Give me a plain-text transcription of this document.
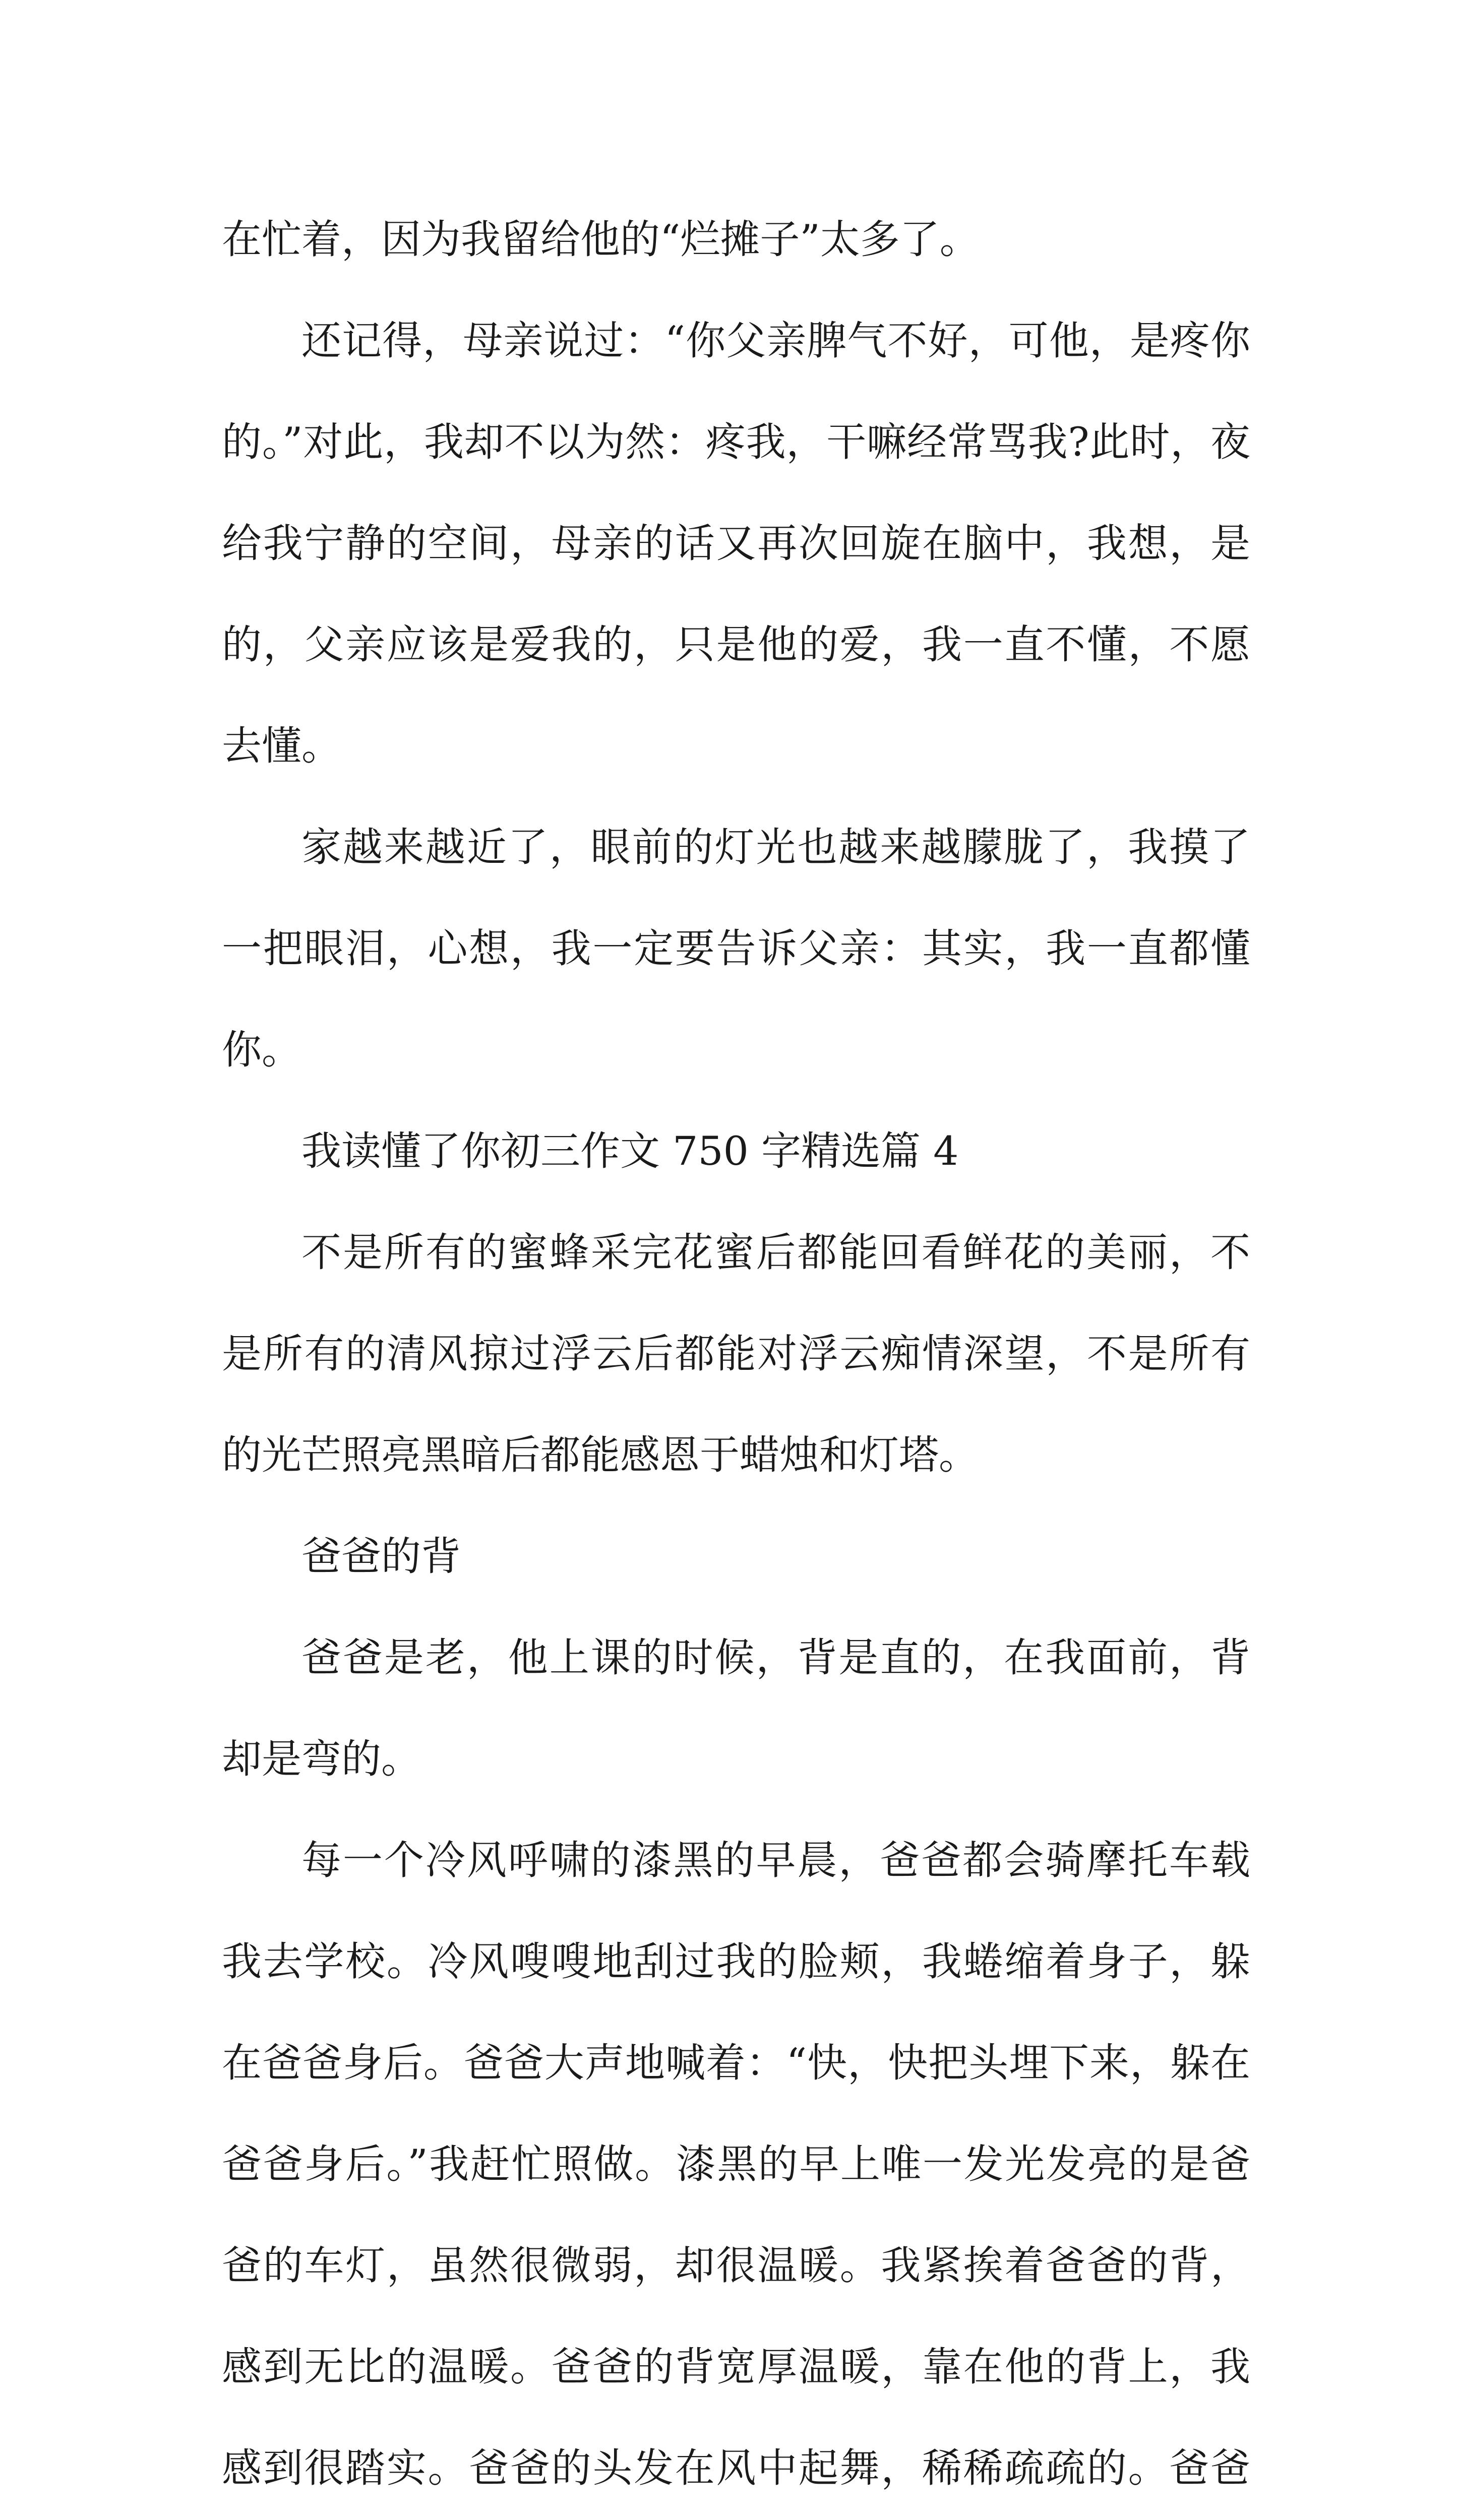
在忙着，因为我留给他的“烂摊子”太多了。

还记得，母亲说过：“你父亲脾气不好，可他，是疼你的。”对此，我却不以为然：疼我，干嘛经常骂我?此时，夜给我宁静的空间，母亲的话又再次回旋在脑中，我想，是的，父亲应该是爱我的，只是他的爱，我一直不懂，不愿去懂。

家越来越近了，眼前的灯光也越来越朦胧了，我摸了一把眼泪，心想，我一定要告诉父亲：其实，我一直都懂你。

我读懂了你初三作文 750 字精选篇 4

不是所有的蜜蜂采完花蜜后都能回看鲜花的美丽，不是所有的清风掠过浮云后都能对浮云痴情深望，不是所有的光芒照亮黑暗后都能感恩于蜡烛和灯塔。

爸爸的背

爸爸是老，他上课的时候，背是直的，在我面前，背却是弯的。

每一个冷风呼啸的漆黑的早晨，爸爸都会骑摩托车载我去学校。冷风嗖嗖地刮过我的脸颊，我蜷缩着身子，躲在爸爸身后。爸爸大声地喊着：“快，快把头埋下来，躲在爸爸身后。”我赶忙照做。漆黑的早上唯一发光发亮的是爸爸的车灯，虽然很微弱，却很温暖。我紧挨着爸爸的背，感到无比的温暖。爸爸的背宽厚温暖，靠在他的背上，我感到很踏实。爸爸的头发在风中起舞，稀稀疏疏的。爸爸
